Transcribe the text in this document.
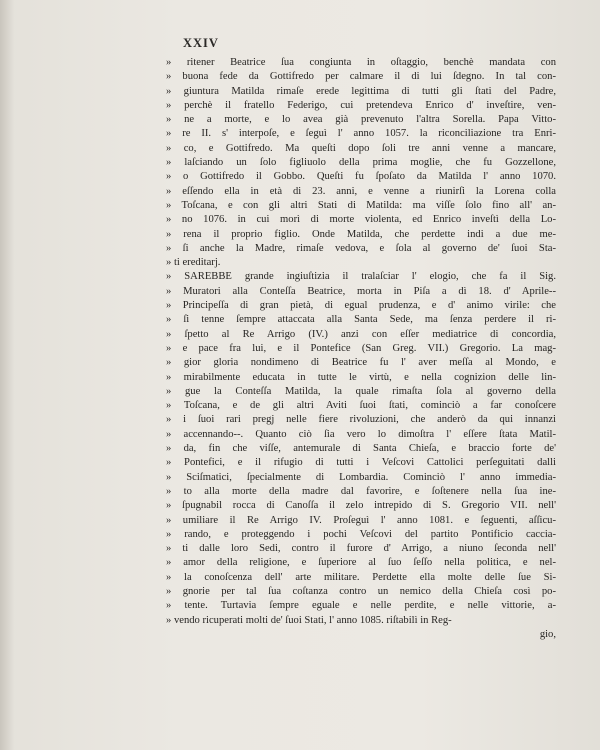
XXIV
» ritener Beatrice ſua congiunta in oſtaggio, benchè mandata con
» buona fede da Gottifredo per calmare il di lui ſdegno. In tal con-
» giuntura Matilda rimaſe erede legittima di tutti gli ſtati del Padre,
» perchè il fratello Federigo, cui pretendeva Enrico d' inveſtire, ven-
» ne a morte, e lo avea già prevenuto l'altra Sorella. Papa Vitto-
» re II. s' interpoſe, e ſeguì l' anno 1057. la riconciliazione tra Enri-
» co, e Gottifredo. Ma queſti dopo ſoli tre anni venne a mancare,
» laſciando un ſolo figliuolo della prima moglie, che fu Gozzellone,
» o Gottifredo il Gobbo. Queſti fu ſpoſato da Matilda l' anno 1070.
» eſſendo ella in età di 23. anni, e venne a riunirſi la Lorena colla
» Toſcana, e con gli altri Stati di Matilda: ma viſſe ſolo fino all' an-
» no 1076. in cui morì di morte violenta, ed Enrico inveſtì della Lo-
» rena il proprio figlio. Onde Matilda, che perdette indi a due me-
» ſi anche la Madre, rimaſe vedova, e ſola al governo de' ſuoi Sta-
» ti ereditarj.
» SAREBBE grande ingiuſtizia il tralaſciar l' elogio, che fa il Sig.
» Muratori alla Conteſſa Beatrice, morta in Piſa a dì 18. d' Aprile--
» Principeſſa di gran pietà, di egual prudenza, e d' animo virile: che
» ſi tenne ſempre attaccata alla Santa Sede, ma ſenza perdere il ri-
» ſpetto al Re Arrigo (IV.) anzi con eſſer mediatrice di concordia,
» e pace fra lui, e il Pontefice (San Greg. VII.) Gregorio. La mag-
» gior gloria nondimeno di Beatrice fu l' aver meſſa al Mondo, e
» mirabilmente educata in tutte le virtù, e nella cognizion delle lin-
» gue la Conteſſa Matilda, la quale rimaſta ſola al governo della
» Toſcana, e de gli altri Aviti ſuoi ſtati, cominciò a far conoſcere
» i ſuoi rari pregj nelle fiere rivoluzioni, che anderò da qui innanzi
» accennando--. Quanto ciò ſia vero lo dimoſtra l' eſſere ſtata Matil-
» da, fin che viſſe, antemurale di Santa Chieſa, e braccio forte de'
» Pontefici, e il rifugio di tutti i Veſcovi Cattolici perſeguitati dalli
» Sciſmatici, ſpecialmente di Lombardia. Cominciò l' anno immedia-
» to alla morte della madre dal favorire, e ſoſtenere nella ſua ine-
» ſpugnabil rocca di Canoſſa il zelo intrepido di S. Gregorio VII. nell'
» umiliare il Re Arrigo IV. Proſeguì l' anno 1081. e ſeguenti, aſſicu-
» rando, e proteggendo i pochi Veſcovi del partito Pontificio caccia-
» ti dalle loro Sedi, contro il furore d' Arrigo, a niuno ſeconda nell'
» amor della religione, e ſuperiore al ſuo ſeſſo nella politica, e nel-
» la conoſcenza dell' arte militare. Perdette ella molte delle ſue Si-
» gnorie per tal ſua coſtanza contro un nemico della Chieſa così po-
» tente. Turtavia ſempre eguale e nelle perdite, e nelle vittorie, a-
» vendo ricuperati molti de' ſuoi Stati, l' anno 1085. riſtabilì in Reg-
gio,
